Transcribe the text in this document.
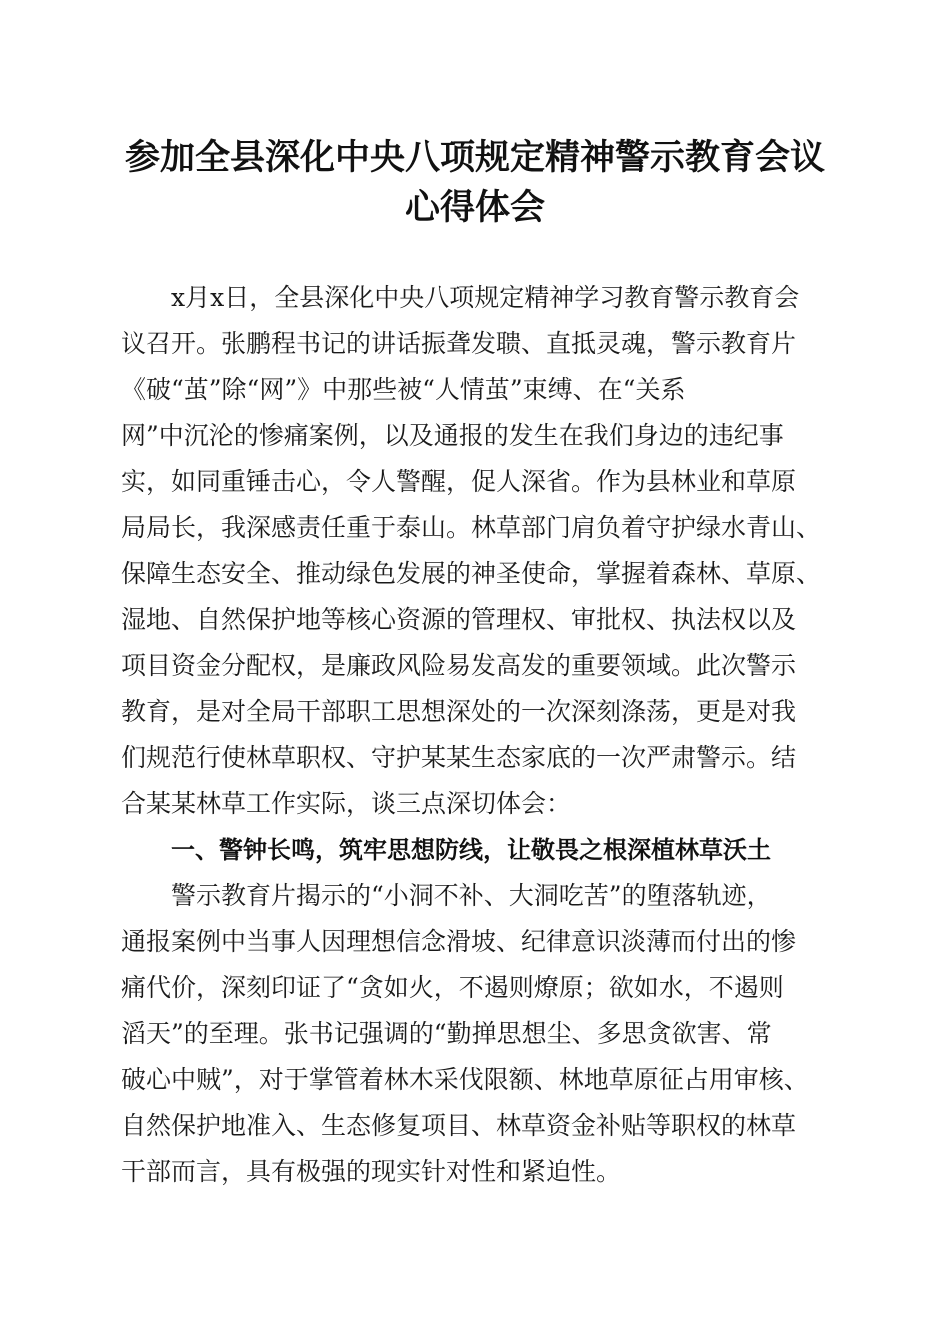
参加全县深化中央八项规定精神警示教育会议
心得体会
x月x日，全县深化中央八项规定精神学习教育警示教育会
议召开。张鹏程书记的讲话振聋发聩、直抵灵魂，警示教育片
《破“茧”除“网”》中那些被“人情茧”束缚、在“关系
网”中沉沦的惨痛案例，以及通报的发生在我们身边的违纪事
实，如同重锤击心，令人警醒，促人深省。作为县林业和草原
局局长，我深感责任重于泰山。林草部门肩负着守护绿水青山、
保障生态安全、推动绿色发展的神圣使命，掌握着森林、草原、
湿地、自然保护地等核心资源的管理权、审批权、执法权以及
项目资金分配权，是廉政风险易发高发的重要领域。此次警示
教育，是对全局干部职工思想深处的一次深刻涤荡，更是对我
们规范行使林草职权、守护某某生态家底的一次严肃警示。结
合某某林草工作实际，谈三点深切体会：
一、警钟长鸣，筑牢思想防线，让敬畏之根深植林草沃土
警示教育片揭示的“小洞不补、大洞吃苦”的堕落轨迹，
通报案例中当事人因理想信念滑坡、纪律意识淡薄而付出的惨
痛代价，深刻印证了“贪如火，不遏则燎原；欲如水，不遏则
滔天”的至理。张书记强调的“勤掸思想尘、多思贪欲害、常
破心中贼”，对于掌管着林木采伐限额、林地草原征占用审核、
自然保护地准入、生态修复项目、林草资金补贴等职权的林草
干部而言，具有极强的现实针对性和紧迫性。
